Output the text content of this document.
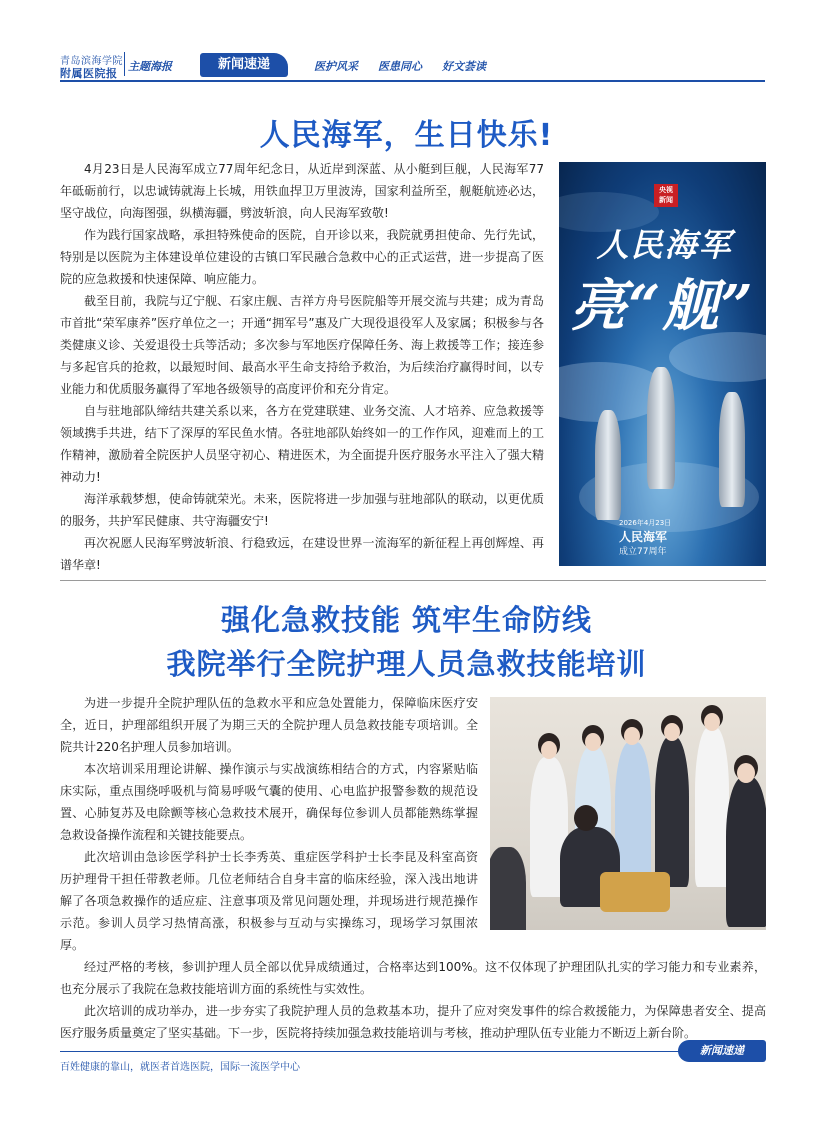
青岛滨海学院
附属医院报
主题海报	新闻速递	医护风采 医患同心 好文荟读
人民海军，生日快乐!

4月23日是人民海军成立77周年纪念日，从近岸到深蓝、从小艇到巨舰，人民海军77年砥砺前行，以忠诚铸就海上长城，用铁血捍卫万里波涛，国家利益所至，舰艇航迹必达，坚守战位，向海图强，纵横海疆，劈波斩浪，向人民海军致敬!

作为践行国家战略，承担特殊使命的医院，自开诊以来，我院就勇担使命、先行先试，特别是以医院为主体建设单位建设的古镇口军民融合急救中心的正式运营，进一步提高了医院的应急救援和快速保障、响应能力。

截至目前，我院与辽宁舰、石家庄舰、吉祥方舟号医院船等开展交流与共建；成为青岛市首批“荣军康养”医疗单位之一；开通“拥军号”惠及广大现役退役军人及家属；积极参与各类健康义诊、关爱退役士兵等活动；多次参与军地医疗保障任务、海上救援等工作；接连参与多起官兵的抢救，以最短时间、最高水平生命支持给予救治，为后续治疗赢得时间，以专业能力和优质服务赢得了军地各级领导的高度评价和充分肯定。

自与驻地部队缔结共建关系以来，各方在党建联建、业务交流、人才培养、应急救援等领域携手共进，结下了深厚的军民鱼水情。各驻地部队始终如一的工作作风，迎难而上的工作精神，激励着全院医护人员坚守初心、精进医术，为全面提升医疗服务水平注入了强大精神动力!

海洋承载梦想，使命铸就荣光。未来，医院将进一步加强与驻地部队的联动，以更优质的服务，共护军民健康、共守海疆安宁!

再次祝愿人民海军劈波斩浪、行稳致远，在建设世界一流海军的新征程上再创辉煌、再谱华章!

央视
新闻
人民海军
亮“舰”
2026年4月23日
人民海军
成立77周年
强化急救技能 筑牢生命防线
我院举行全院护理人员急救技能培训

为进一步提升全院护理队伍的急救水平和应急处置能力，保障临床医疗安全，近日，护理部组织开展了为期三天的全院护理人员急救技能专项培训。全院共计220名护理人员参加培训。

本次培训采用理论讲解、操作演示与实战演练相结合的方式，内容紧贴临床实际，重点围绕呼吸机与简易呼吸气囊的使用、心电监护报警参数的规范设置、心肺复苏及电除颤等核心急救技术展开，确保每位参训人员都能熟练掌握急救设备操作流程和关键技能要点。

此次培训由急诊医学科护士长李秀英、重症医学科护士长李昆及科室高资历护理骨干担任带教老师。几位老师结合自身丰富的临床经验，深入浅出地讲解了各项急救操作的适应症、注意事项及常见问题处理，并现场进行规范操作示范。参训人员学习热情高涨，积极参与互动与实操练习，现场学习氛围浓厚。

经过严格的考核，参训护理人员全部以优异成绩通过，合格率达到100%。这不仅体现了护理团队扎实的学习能力和专业素养，也充分展示了我院在急救技能培训方面的系统性与实效性。

此次培训的成功举办，进一步夯实了我院护理人员的急救基本功，提升了应对突发事件的综合救援能力，为保障患者安全、提高医疗服务质量奠定了坚实基础。下一步，医院将持续加强急救技能培训与考核，推动护理队伍专业能力不断迈上新台阶。

新闻速递
百姓健康的靠山，就医者首选医院，国际一流医学中心
